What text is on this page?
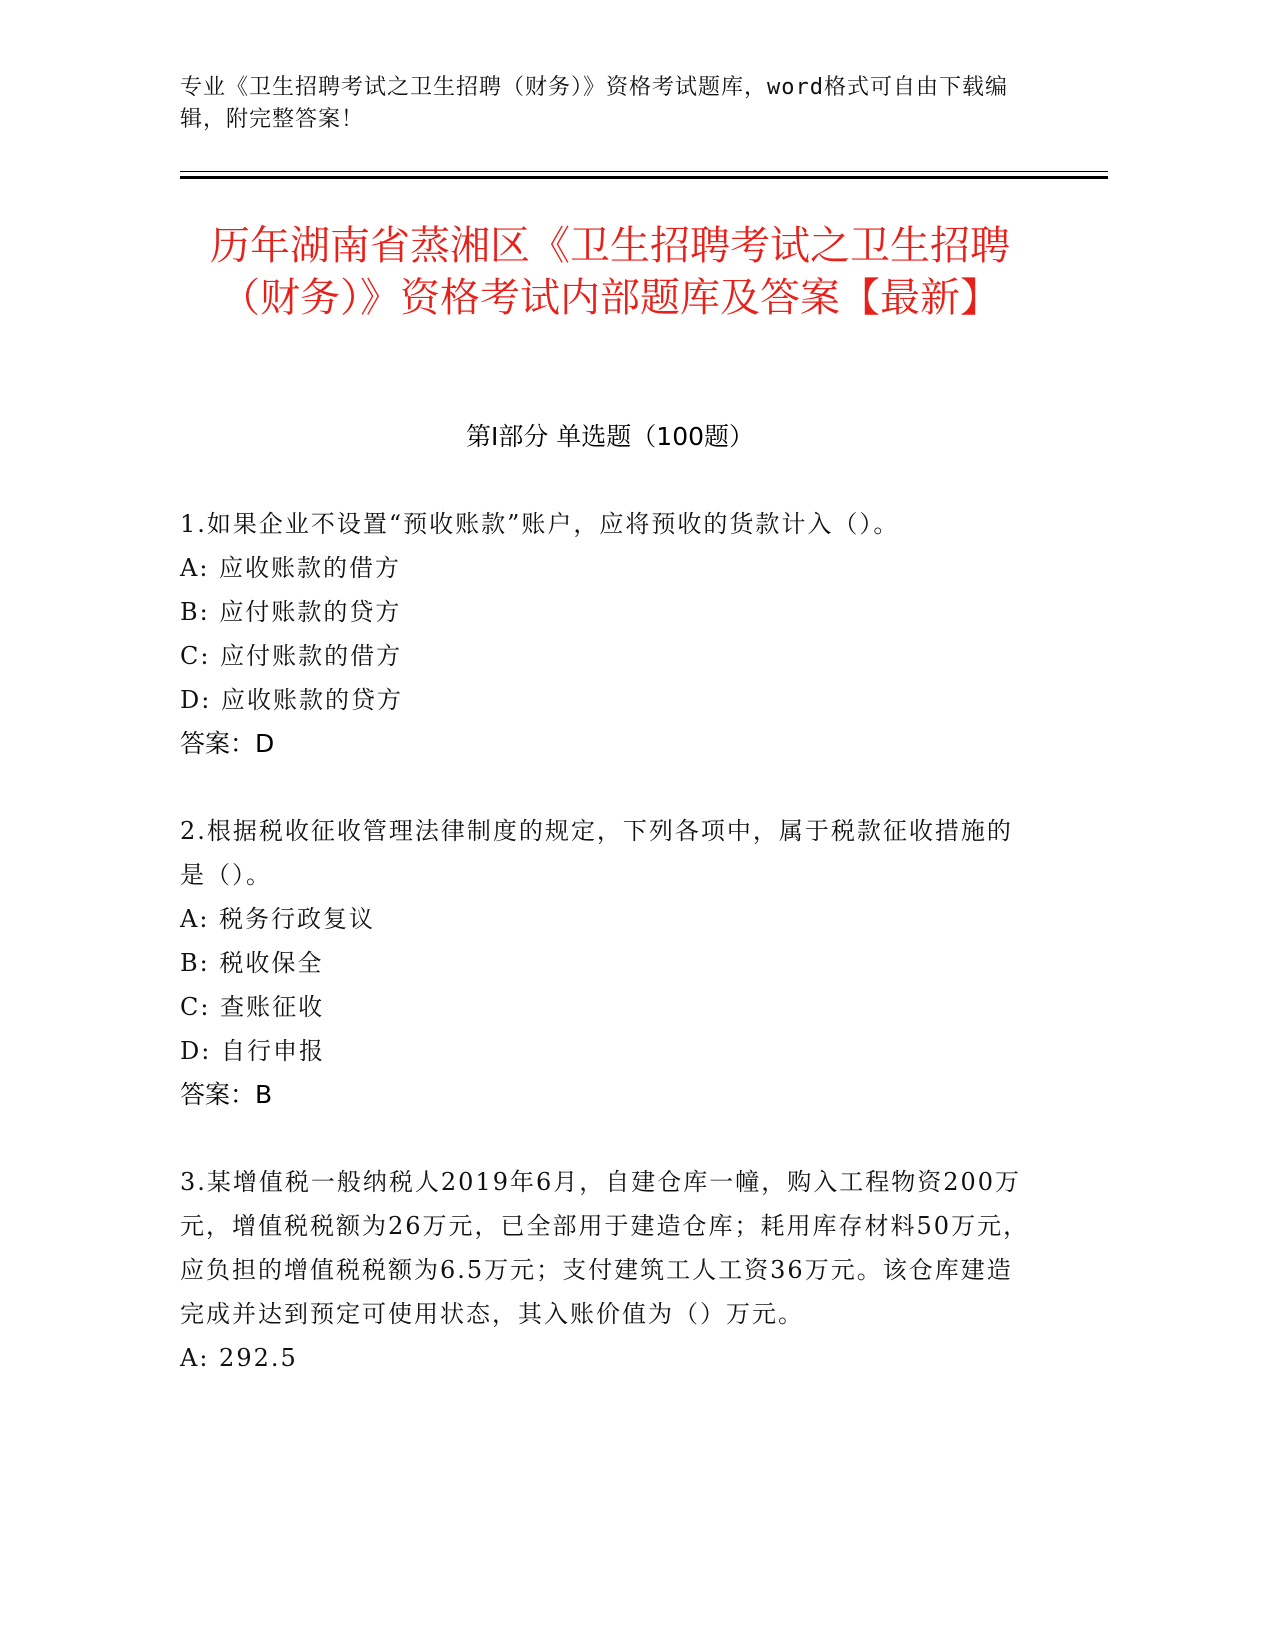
专业《卫生招聘考试之卫生招聘（财务）》资格考试题库，word格式可自由下载编辑，附完整答案！
历年湖南省蒸湘区《卫生招聘考试之卫生招聘（财务）》资格考试内部题库及答案【最新】
第Ⅰ部分 单选题（100题）
1.如果企业不设置“预收账款”账户，应将预收的货款计入（）。
A: 应收账款的借方
B: 应付账款的贷方
C: 应付账款的借方
D: 应收账款的贷方
答案：D
2.根据税收征收管理法律制度的规定，下列各项中，属于税款征收措施的是（）。
A: 税务行政复议
B: 税收保全
C: 查账征收
D: 自行申报
答案：B
3.某增值税一般纳税人2019年6月，自建仓库一幢，购入工程物资200万元，增值税税额为26万元，已全部用于建造仓库；耗用库存材料50万元，应负担的增值税税额为6.5万元；支付建筑工人工资36万元。该仓库建造完成并达到预定可使用状态，其入账价值为（）万元。
A: 292.5
